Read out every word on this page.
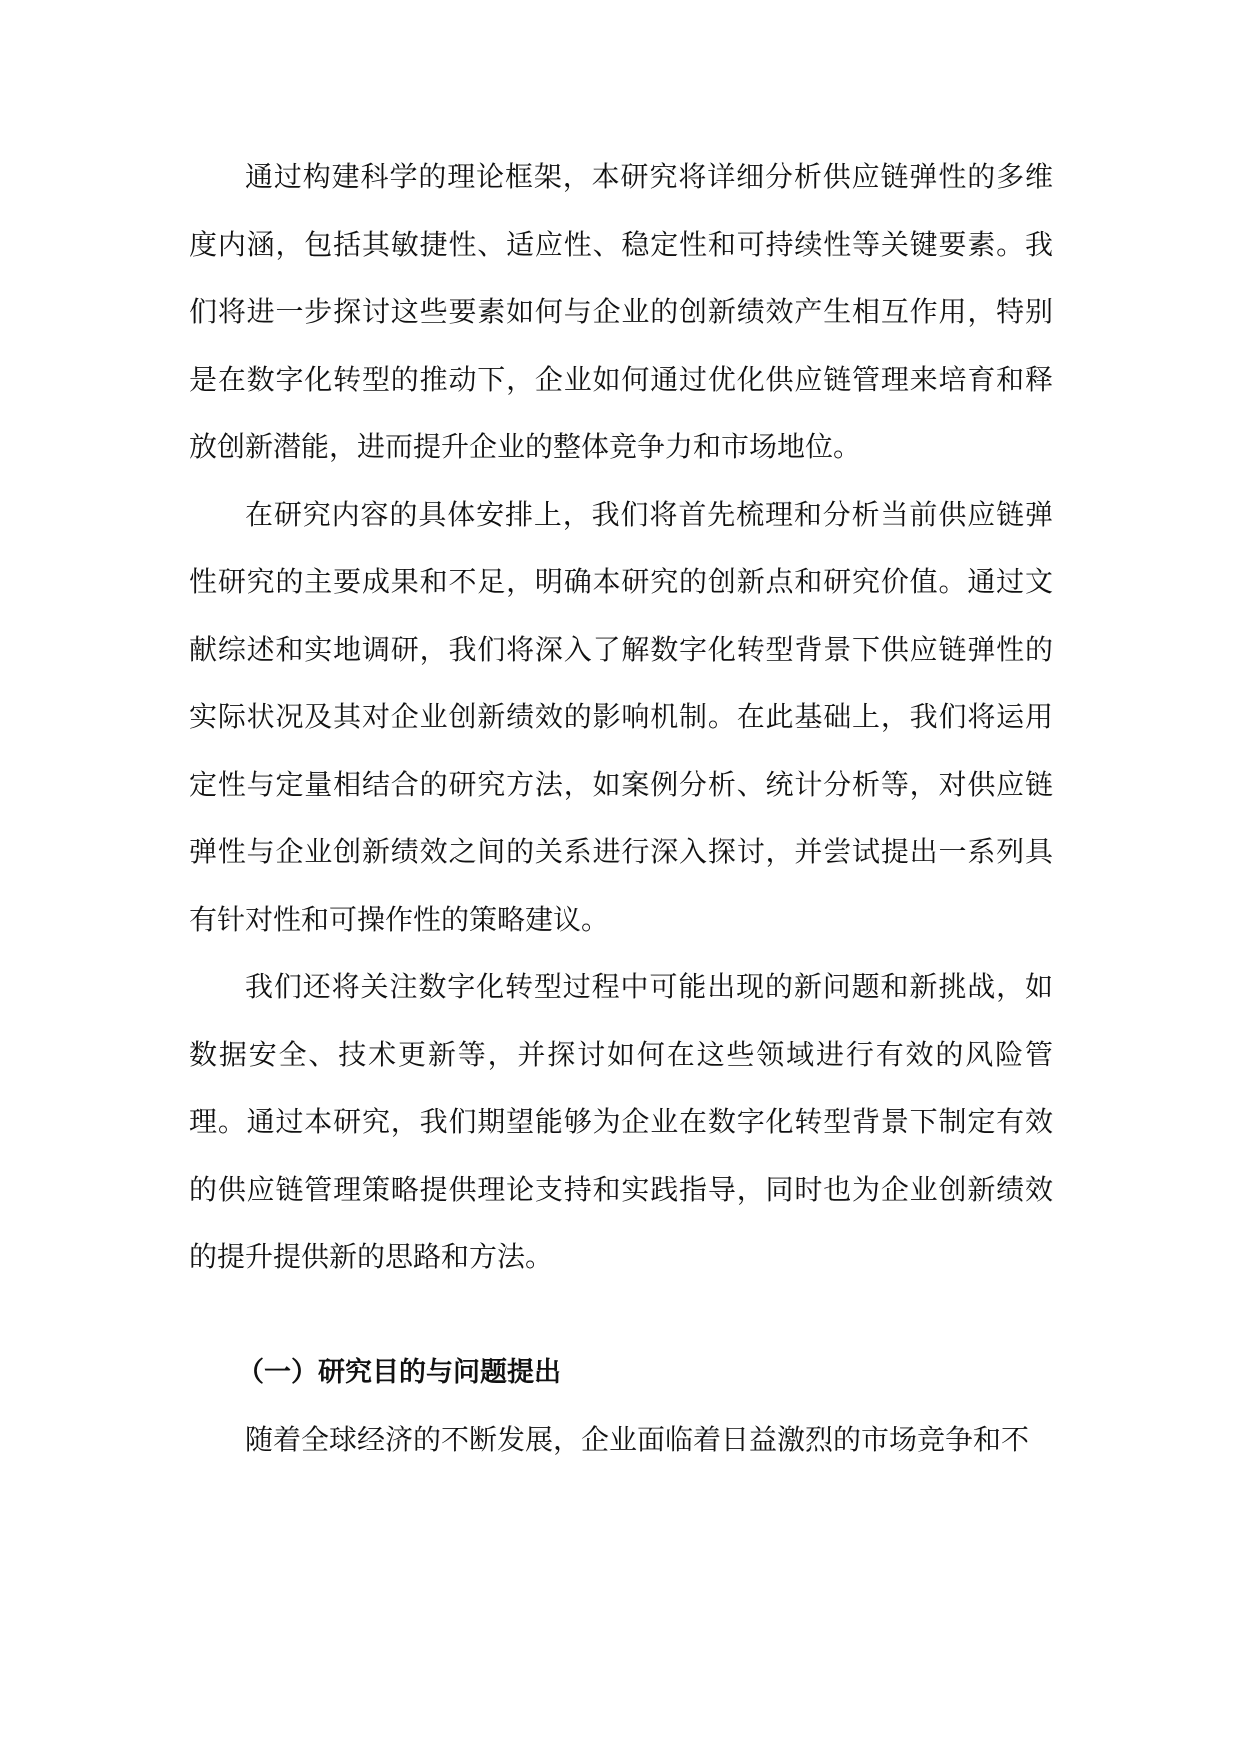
通过构建科学的理论框架，本研究将详细分析供应链弹性的多维度内涵，包括其敏捷性、适应性、稳定性和可持续性等关键要素。我们将进一步探讨这些要素如何与企业的创新绩效产生相互作用，特别是在数字化转型的推动下，企业如何通过优化供应链管理来培育和释放创新潜能，进而提升企业的整体竞争力和市场地位。

在研究内容的具体安排上，我们将首先梳理和分析当前供应链弹性研究的主要成果和不足，明确本研究的创新点和研究价值。通过文献综述和实地调研，我们将深入了解数字化转型背景下供应链弹性的实际状况及其对企业创新绩效的影响机制。在此基础上，我们将运用定性与定量相结合的研究方法，如案例分析、统计分析等，对供应链弹性与企业创新绩效之间的关系进行深入探讨，并尝试提出一系列具有针对性和可操作性的策略建议。

我们还将关注数字化转型过程中可能出现的新问题和新挑战，如数据安全、技术更新等，并探讨如何在这些领域进行有效的风险管理。通过本研究，我们期望能够为企业在数字化转型背景下制定有效的供应链管理策略提供理论支持和实践指导，同时也为企业创新绩效的提升提供新的思路和方法。

（一）研究目的与问题提出

随着全球经济的不断发展，企业面临着日益激烈的市场竞争和不
